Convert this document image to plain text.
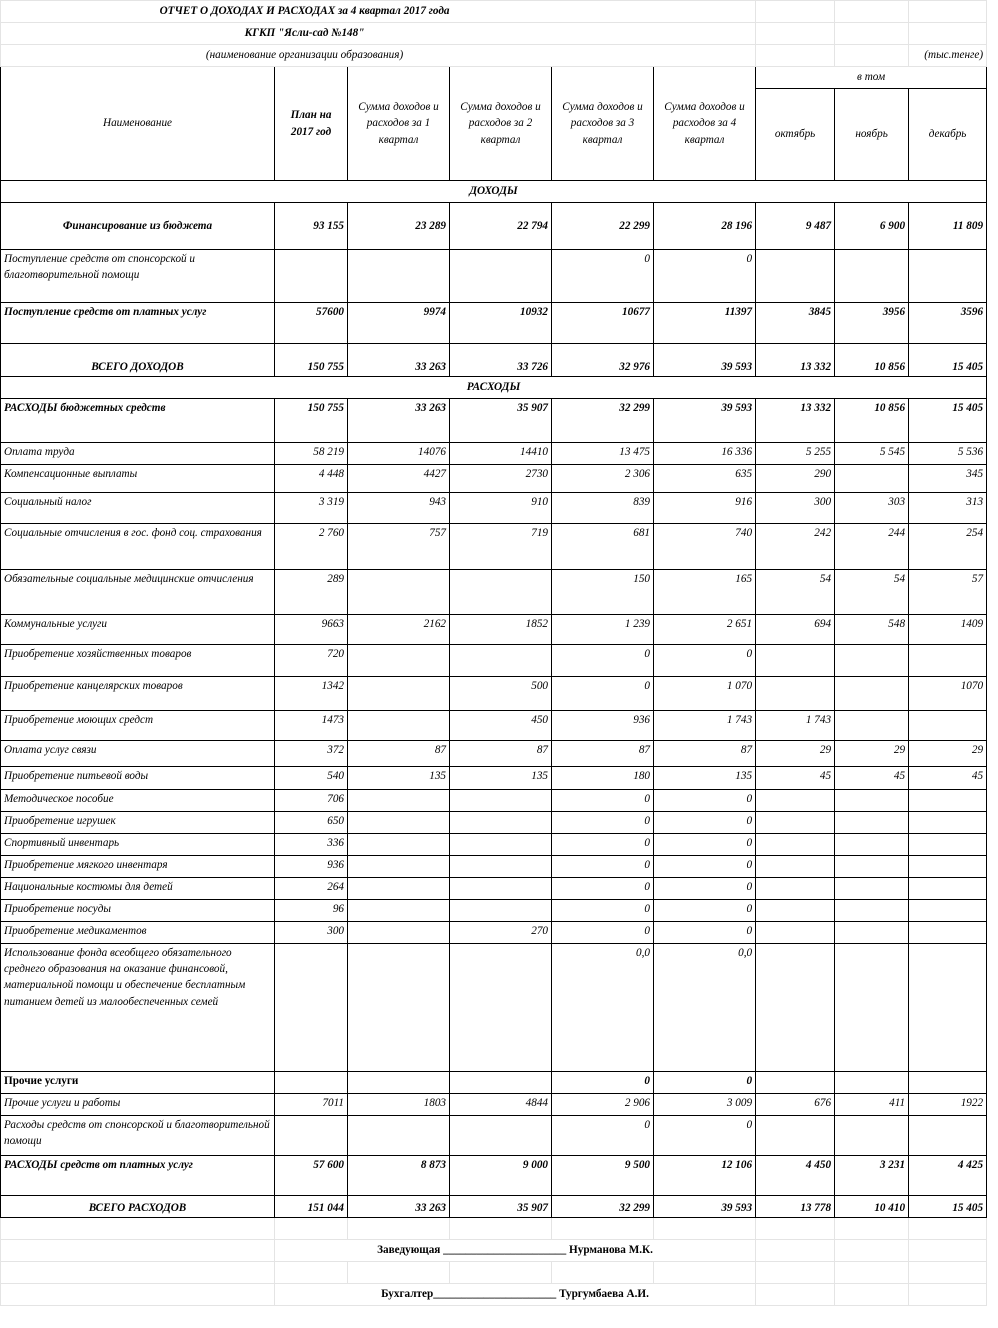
ОТЧЕТ О ДОХОДАХ И РАСХОДАХ за 4 квартал 2017 года								
КГКП "Ясли-сад №148"								
(наименование организации образования)								(тыс.тенге)
Наименование	План на 2017 год	Сумма доходов и расходов за 1 квартал	Сумма доходов и расходов за 2 квартал	Сумма доходов и расходов за 3 квартал	Сумма доходов и расходов за 4 квартал	в том		
						октябрь	ноябрь	декабрь
ДОХОДЫ								
Финансирование из бюджета	93 155	23 289	22 794	22 299	28 196	9 487	6 900	11 809
Поступление средств от спонсорской и благотворительной помощи				0	0			
Поступление средств от платных услуг	57600	9974	10932	10677	11397	3845	3956	3596
ВСЕГО ДОХОДОВ	150 755	33 263	33 726	32 976	39 593	13 332	10 856	15 405
РАСХОДЫ								
РАСХОДЫ бюджетных средств	150 755	33 263	35 907	32 299	39 593	13 332	10 856	15 405
Оплата труда	58 219	14076	14410	13 475	16 336	5 255	5 545	5 536
Компенсационные выплаты	4 448	4427	2730	2 306	635	290		345
Социальный налог	3 319	943	910	839	916	300	303	313
Социальные отчисления в гос. фонд соц. страхования	2 760	757	719	681	740	242	244	254
Обязательные социальные медицинские отчисления	289			150	165	54	54	57
Коммунальные услуги	9663	2162	1852	1 239	2 651	694	548	1409
Приобретение хозяйственных товаров	720			0	0			
Приобретение канцелярских товаров	1342		500	0	1 070			1070
Приобретение моющих средст	1473		450	936	1 743	1 743		
Оплата услуг связи	372	87	87	87	87	29	29	29
Приобретение питьевой воды	540	135	135	180	135	45	45	45
Методическое пособие	706			0	0			
Приобретение игрушек	650			0	0			
Спортивный инвентарь	336			0	0			
Приобретение мягкого инвентаря	936			0	0			
Национальные костюмы для детей	264			0	0			
Приобретение посуды	96			0	0			
Приобретение медикаментов	300		270	0	0			
Использование фонда всеобщего обязательного среднего образования на оказание финансовой, материальной помощи и обеспечение бесплатным питанием детей из малообеспеченных семей				0,0	0,0			
Прочие услуги				0	0			
Прочие услуги и работы	7011	1803	4844	2 906	3 009	676	411	1922
Расходы средств от спонсорской и благотворительной помощи				0	0			
РАСХОДЫ средств от платных услуг	57 600	8 873	9 000	9 500	12 106	4 450	3 231	4 425
ВСЕГО РАСХОДОВ	151 044	33 263	35 907	32 299	39 593	13 778	10 410	15 405

	Заведующая ______________________ Нурманова М.К.							

	Бухгалтер______________________ Тургумбаева А.И.							
